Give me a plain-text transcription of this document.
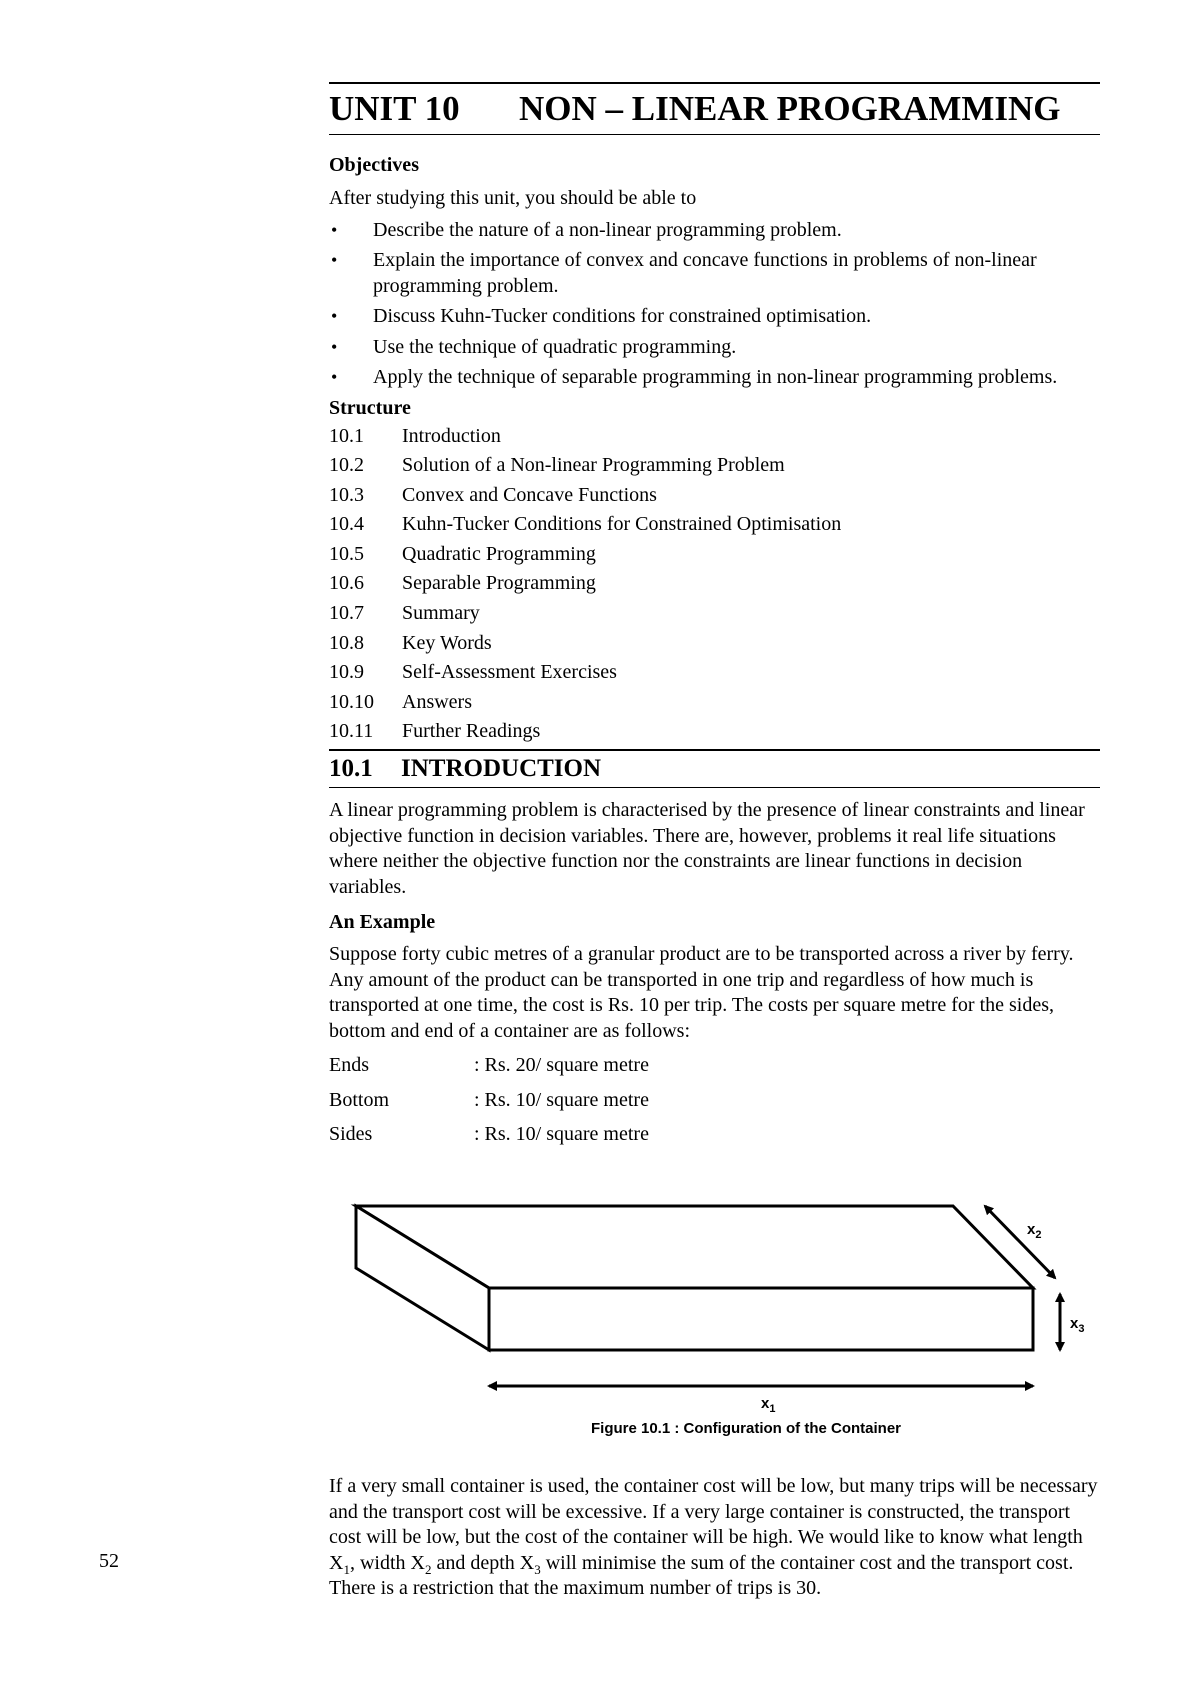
UNIT 10 NON – LINEAR PROGRAMMING
Objectives

After studying this unit, you should be able to

• Describe the nature of a non-linear programming problem.
• Explain the importance of convex and concave functions in problems of non-linear programming problem.
• Discuss Kuhn-Tucker conditions for constrained optimisation.
• Use the technique of quadratic programming.
• Apply the technique of separable programming in non-linear programming problems.
Structure
10.1	Introduction
10.2	Solution of a Non-linear Programming Problem
10.3	Convex and Concave Functions
10.4	Kuhn-Tucker Conditions for Constrained Optimisation
10.5	Quadratic Programming
10.6	Separable Programming
10.7	Summary
10.8	Key Words
10.9	Self-Assessment Exercises
10.10	Answers
10.11	Further Readings
10.1 INTRODUCTION

A linear programming problem is characterised by the presence of linear constraints and linear objective function in decision variables. There are, however, problems it real life situations where neither the objective function nor the constraints are linear functions in decision variables.

An Example

Suppose forty cubic metres of a granular product are to be transported across a river by ferry. Any amount of the product can be transported in one trip and regardless of how much is transported at one time, the cost is Rs. 10 per trip. The costs per square metre for the sides, bottom and end of a container are as follows:

Ends	: Rs. 20/ square metre
Bottom	: Rs. 10/ square metre
Sides	: Rs. 10/ square metre
$x_2$
$x_3$
$x_1$
Figure 10.1 : Configuration of the Container

If a very small container is used, the container cost will be low, but many trips will be necessary and the transport cost will be excessive. If a very large container is constructed, the transport cost will be low, but the cost of the container will be high. We would like to know what length $X_1$, width $X_2$ and depth $X_3$ will minimise the sum of the container cost and the transport cost. There is a restriction that the maximum number of trips is 30.

52
